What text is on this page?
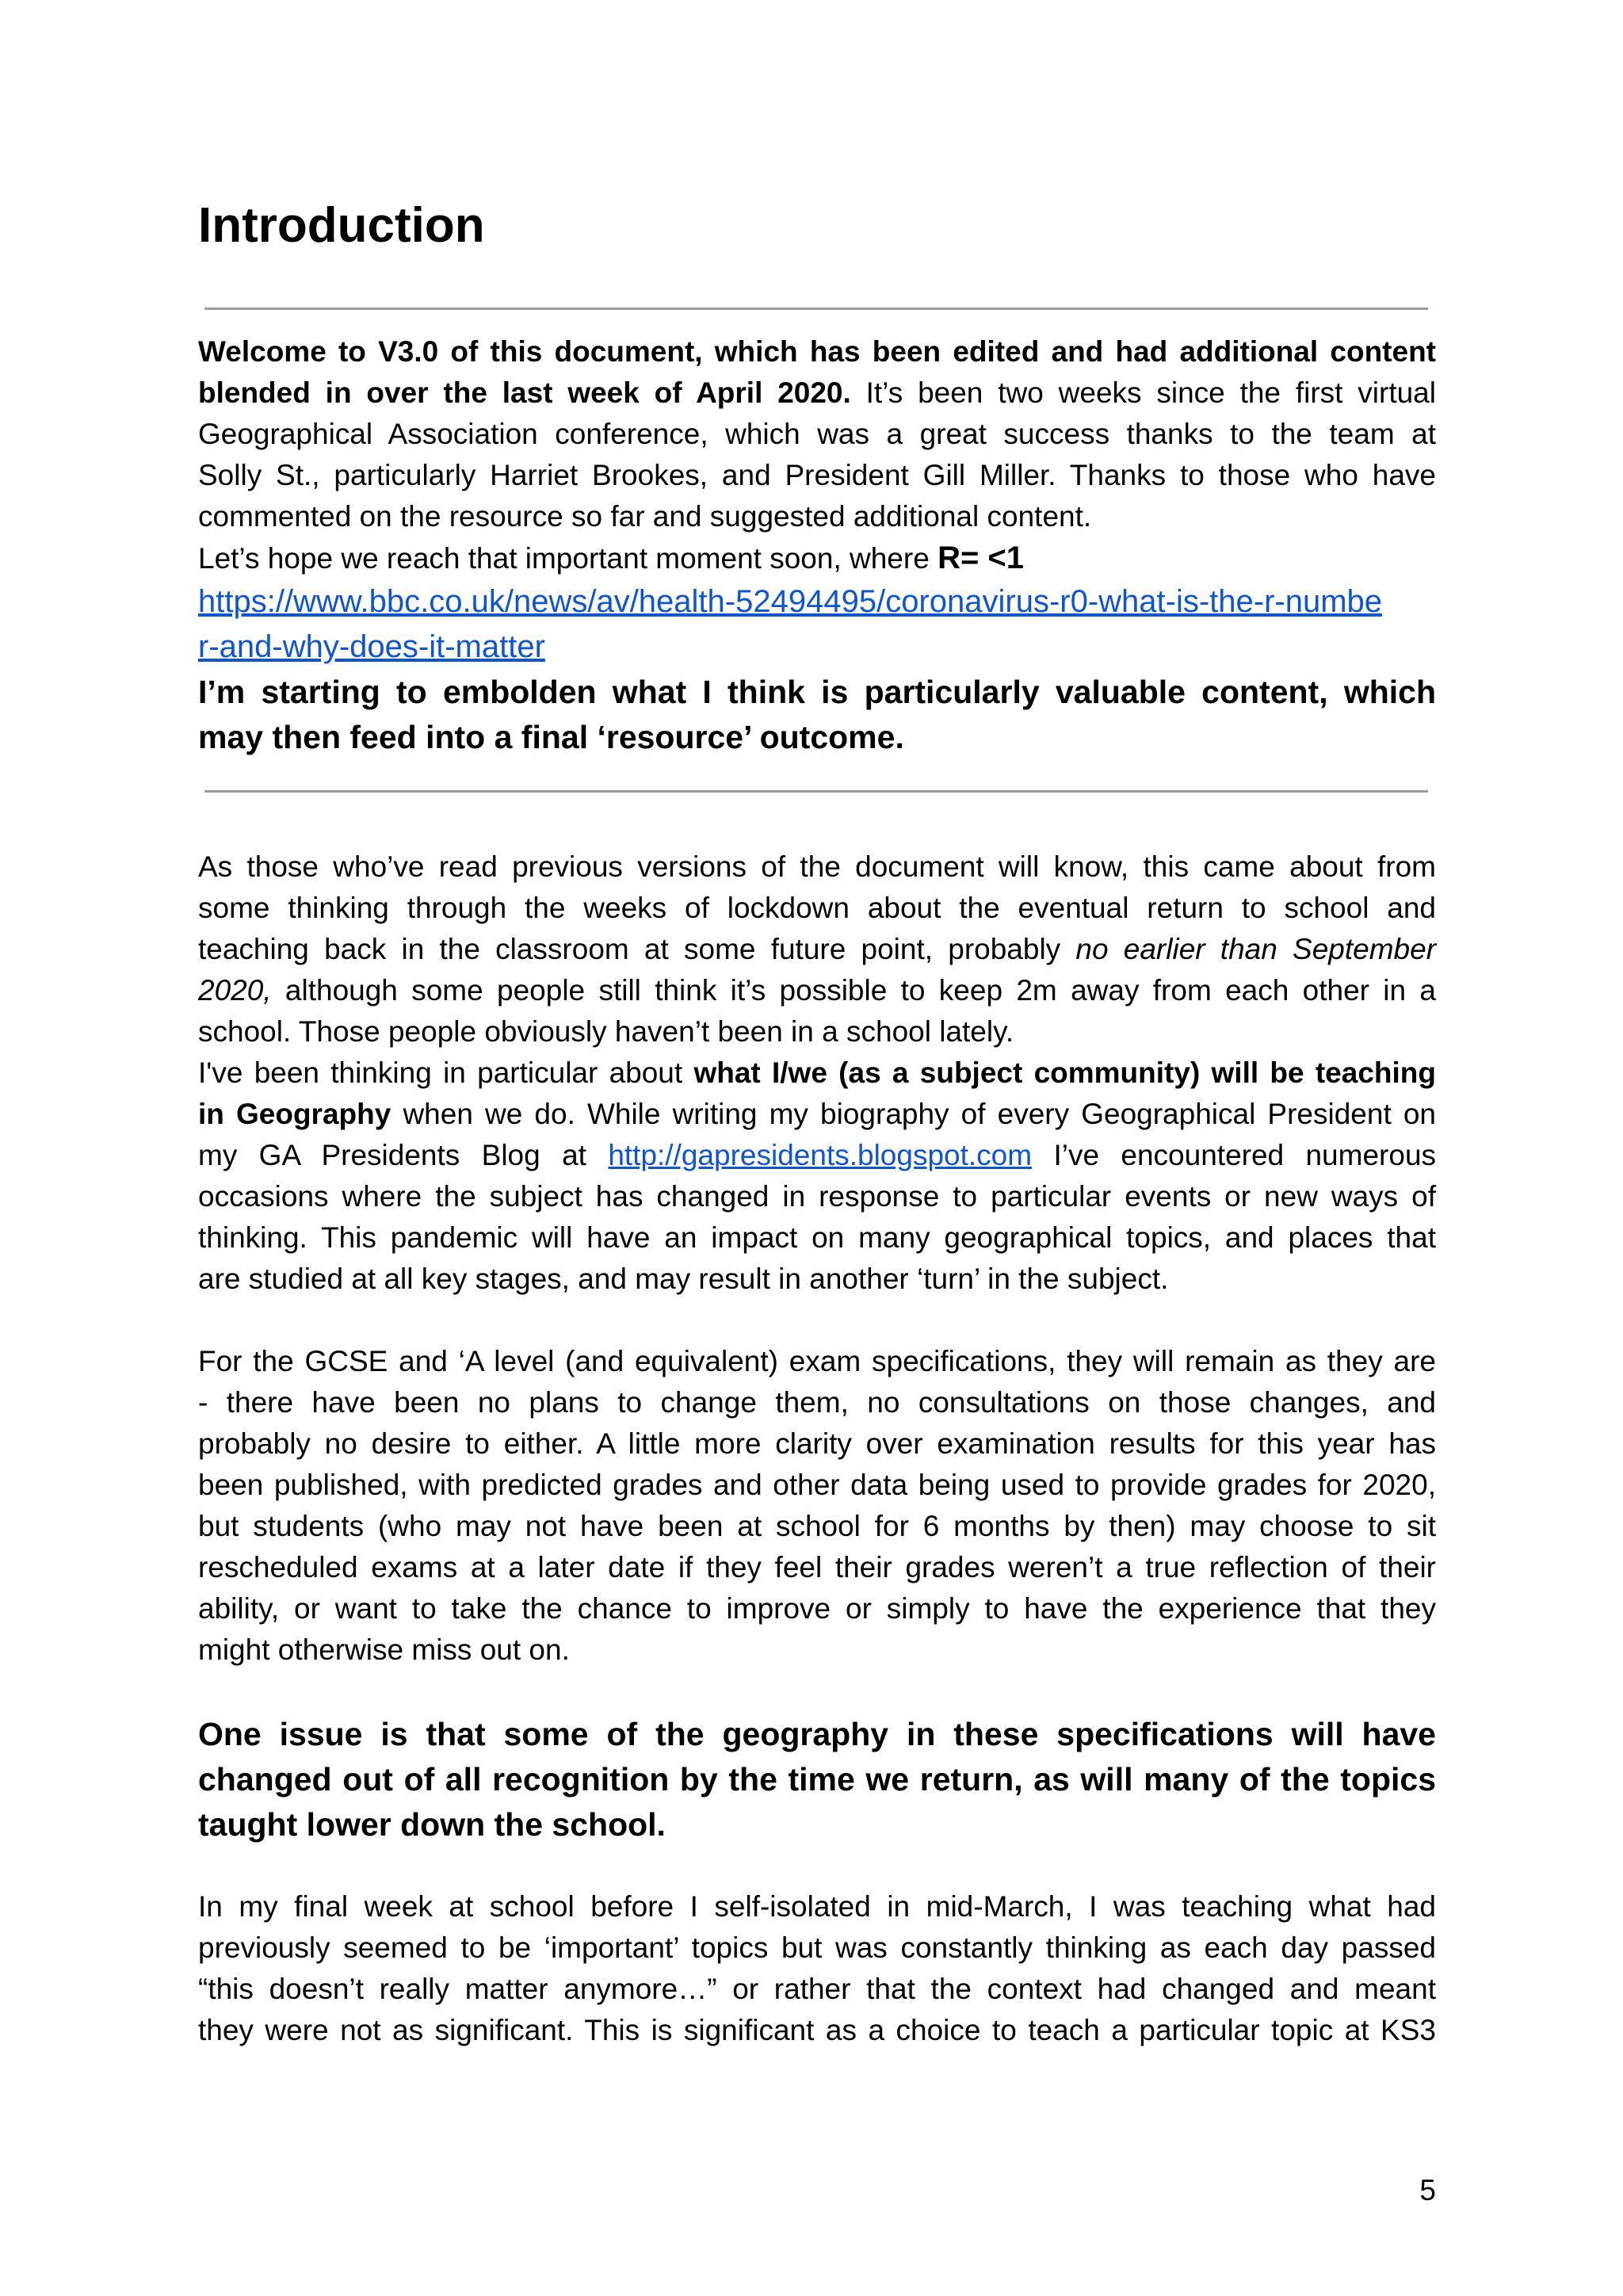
Introduction
Welcome to V3.0 of this document, which has been edited and had additional content
blended in over the last week of April 2020. It’s been two weeks since the first virtual
Geographical Association conference, which was a great success thanks to the team at
Solly St., particularly Harriet Brookes, and President Gill Miller. Thanks to those who have
commented on the resource so far and suggested additional content.
Let’s hope we reach that important moment soon, where R= <1
https://www.bbc.co.uk/news/av/health-52494495/coronavirus-r0-what-is-the-r-numbe
r-and-why-does-it-matter
I’m starting to embolden what I think is particularly valuable content, which
may then feed into a final ‘resource’ outcome.
As those who’ve read previous versions of the document will know, this came about from
some thinking through the weeks of lockdown about the eventual return to school and
teaching back in the classroom at some future point, probably no earlier than September
2020, although some people still think it’s possible to keep 2m away from each other in a
school. Those people obviously haven’t been in a school lately.
I've been thinking in particular about what I/we (as a subject community) will be teaching
in Geography when we do. While writing my biography of every Geographical President on
my GA Presidents Blog at http://gapresidents.blogspot.com I’ve encountered numerous
occasions where the subject has changed in response to particular events or new ways of
thinking. This pandemic will have an impact on many geographical topics, and places that
are studied at all key stages, and may result in another ‘turn’ in the subject.
For the GCSE and ‘A level (and equivalent) exam specifications, they will remain as they are
- there have been no plans to change them, no consultations on those changes, and
probably no desire to either. A little more clarity over examination results for this year has
been published, with predicted grades and other data being used to provide grades for 2020,
but students (who may not have been at school for 6 months by then) may choose to sit
rescheduled exams at a later date if they feel their grades weren’t a true reflection of their
ability, or want to take the chance to improve or simply to have the experience that they
might otherwise miss out on.
One issue is that some of the geography in these specifications will have
changed out of all recognition by the time we return, as will many of the topics
taught lower down the school.
In my final week at school before I self-isolated in mid-March, I was teaching what had
previously seemed to be ‘important’ topics but was constantly thinking as each day passed
“this doesn’t really matter anymore…” or rather that the context had changed and meant
they were not as significant. This is significant as a choice to teach a particular topic at KS3
5
